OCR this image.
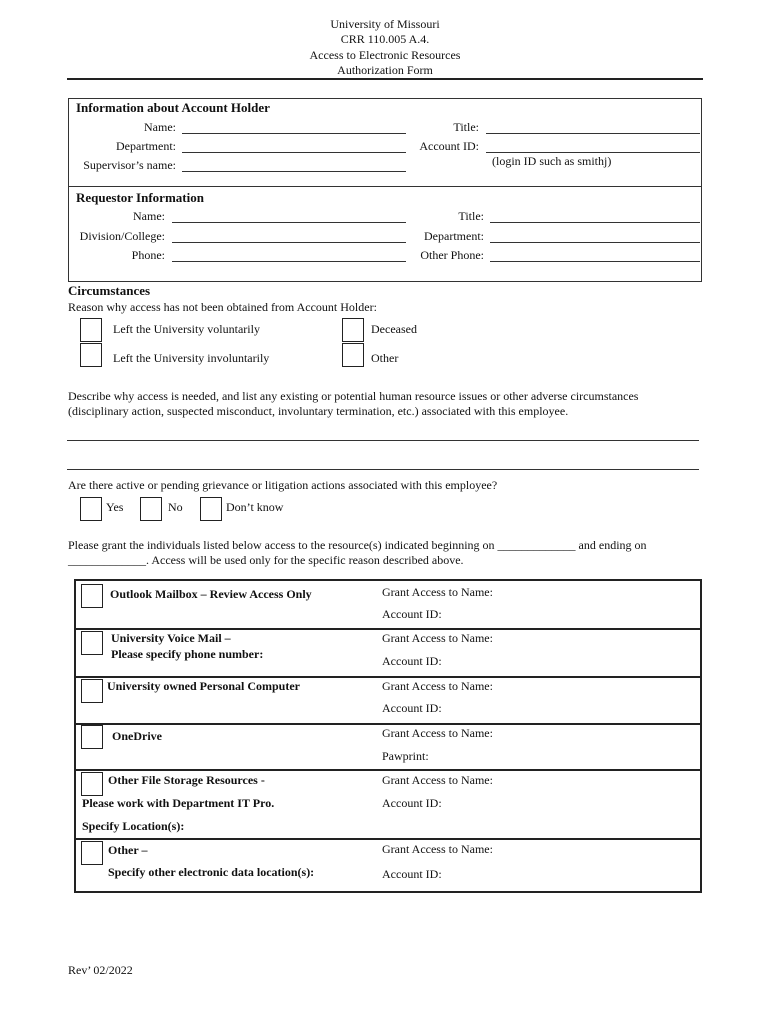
University of Missouri
CRR 110.005 A.4.
Access to Electronic Resources
Authorization Form
Information about Account Holder
Name:
Department:
Supervisor’s name:
Title:
Account ID:
(login ID such as smithj)
Requestor Information
Name:
Division/College:
Phone:
Title:
Department:
Other Phone:
Circumstances
Reason why access has not been obtained from Account Holder:
Left the University voluntarily
Left the University involuntarily
Deceased
Other
Describe why access is needed, and list any existing or potential human resource issues or other adverse circumstances
(disciplinary action, suspected misconduct, involuntary termination, etc.) associated with this employee.
Are there active or pending grievance or litigation actions associated with this employee?
Yes	No	Don’t know
Please grant the individuals listed below access to the resource(s) indicated beginning on _____________ and ending on
_____________. Access will be used only for the specific reason described above.
Outlook Mailbox – Review Access Only	Grant Access to Name:
Account ID:
University Voice Mail –
Please specify phone number:
Grant Access to Name:
Account ID:
University owned Personal Computer	Grant Access to Name:
Account ID:
OneDrive	Grant Access to Name:
Pawprint:
Other File Storage Resources -
Please work with Department IT Pro.
Specify Location(s):
Grant Access to Name:
Account ID:
Other –
Specify other electronic data location(s):
Grant Access to Name:
Account ID:
Rev’ 02/2022
